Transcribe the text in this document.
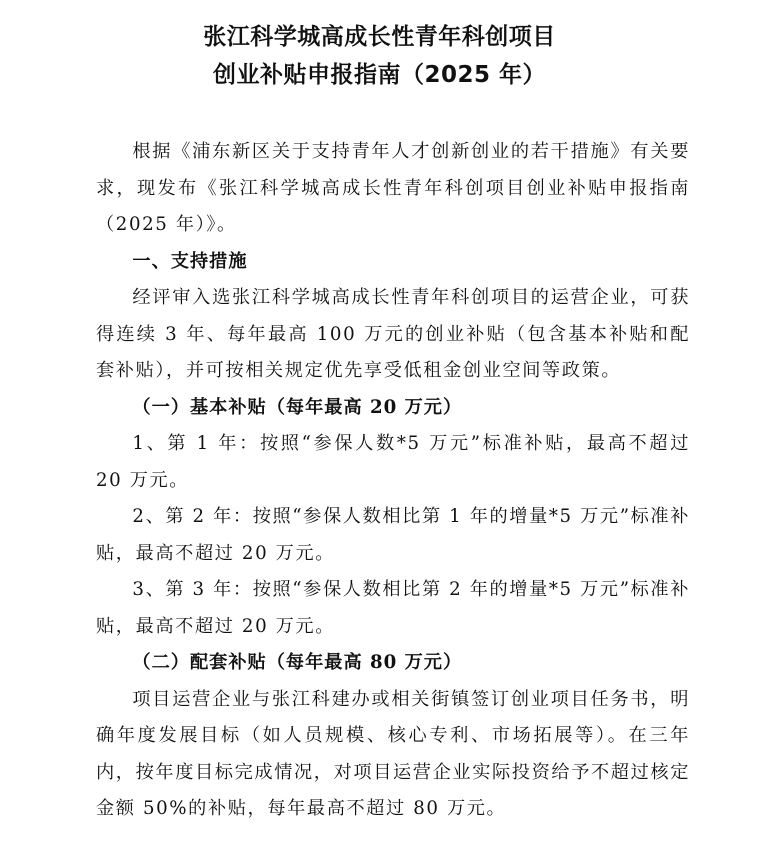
张江科学城高成长性青年科创项目
创业补贴申报指南（2025 年）

根据《浦东新区关于支持青年人才创新创业的若干措施》有关要求，现发布《张江科学城高成长性青年科创项目创业补贴申报指南（2025 年）》。

一、支持措施

经评审入选张江科学城高成长性青年科创项目的运营企业，可获得连续 3 年、每年最高 100 万元的创业补贴（包含基本补贴和配套补贴），并可按相关规定优先享受低租金创业空间等政策。

（一）基本补贴（每年最高 20 万元）

1、第 1 年：按照“参保人数*5 万元”标准补贴，最高不超过 20 万元。

2、第 2 年：按照“参保人数相比第 1 年的增量*5 万元”标准补贴，最高不超过 20 万元。

3、第 3 年：按照“参保人数相比第 2 年的增量*5 万元”标准补贴，最高不超过 20 万元。

（二）配套补贴（每年最高 80 万元）

项目运营企业与张江科建办或相关街镇签订创业项目任务书，明确年度发展目标（如人员规模、核心专利、市场拓展等）。在三年内，按年度目标完成情况，对项目运营企业实际投资给予不超过核定金额 50%的补贴，每年最高不超过 80 万元。
